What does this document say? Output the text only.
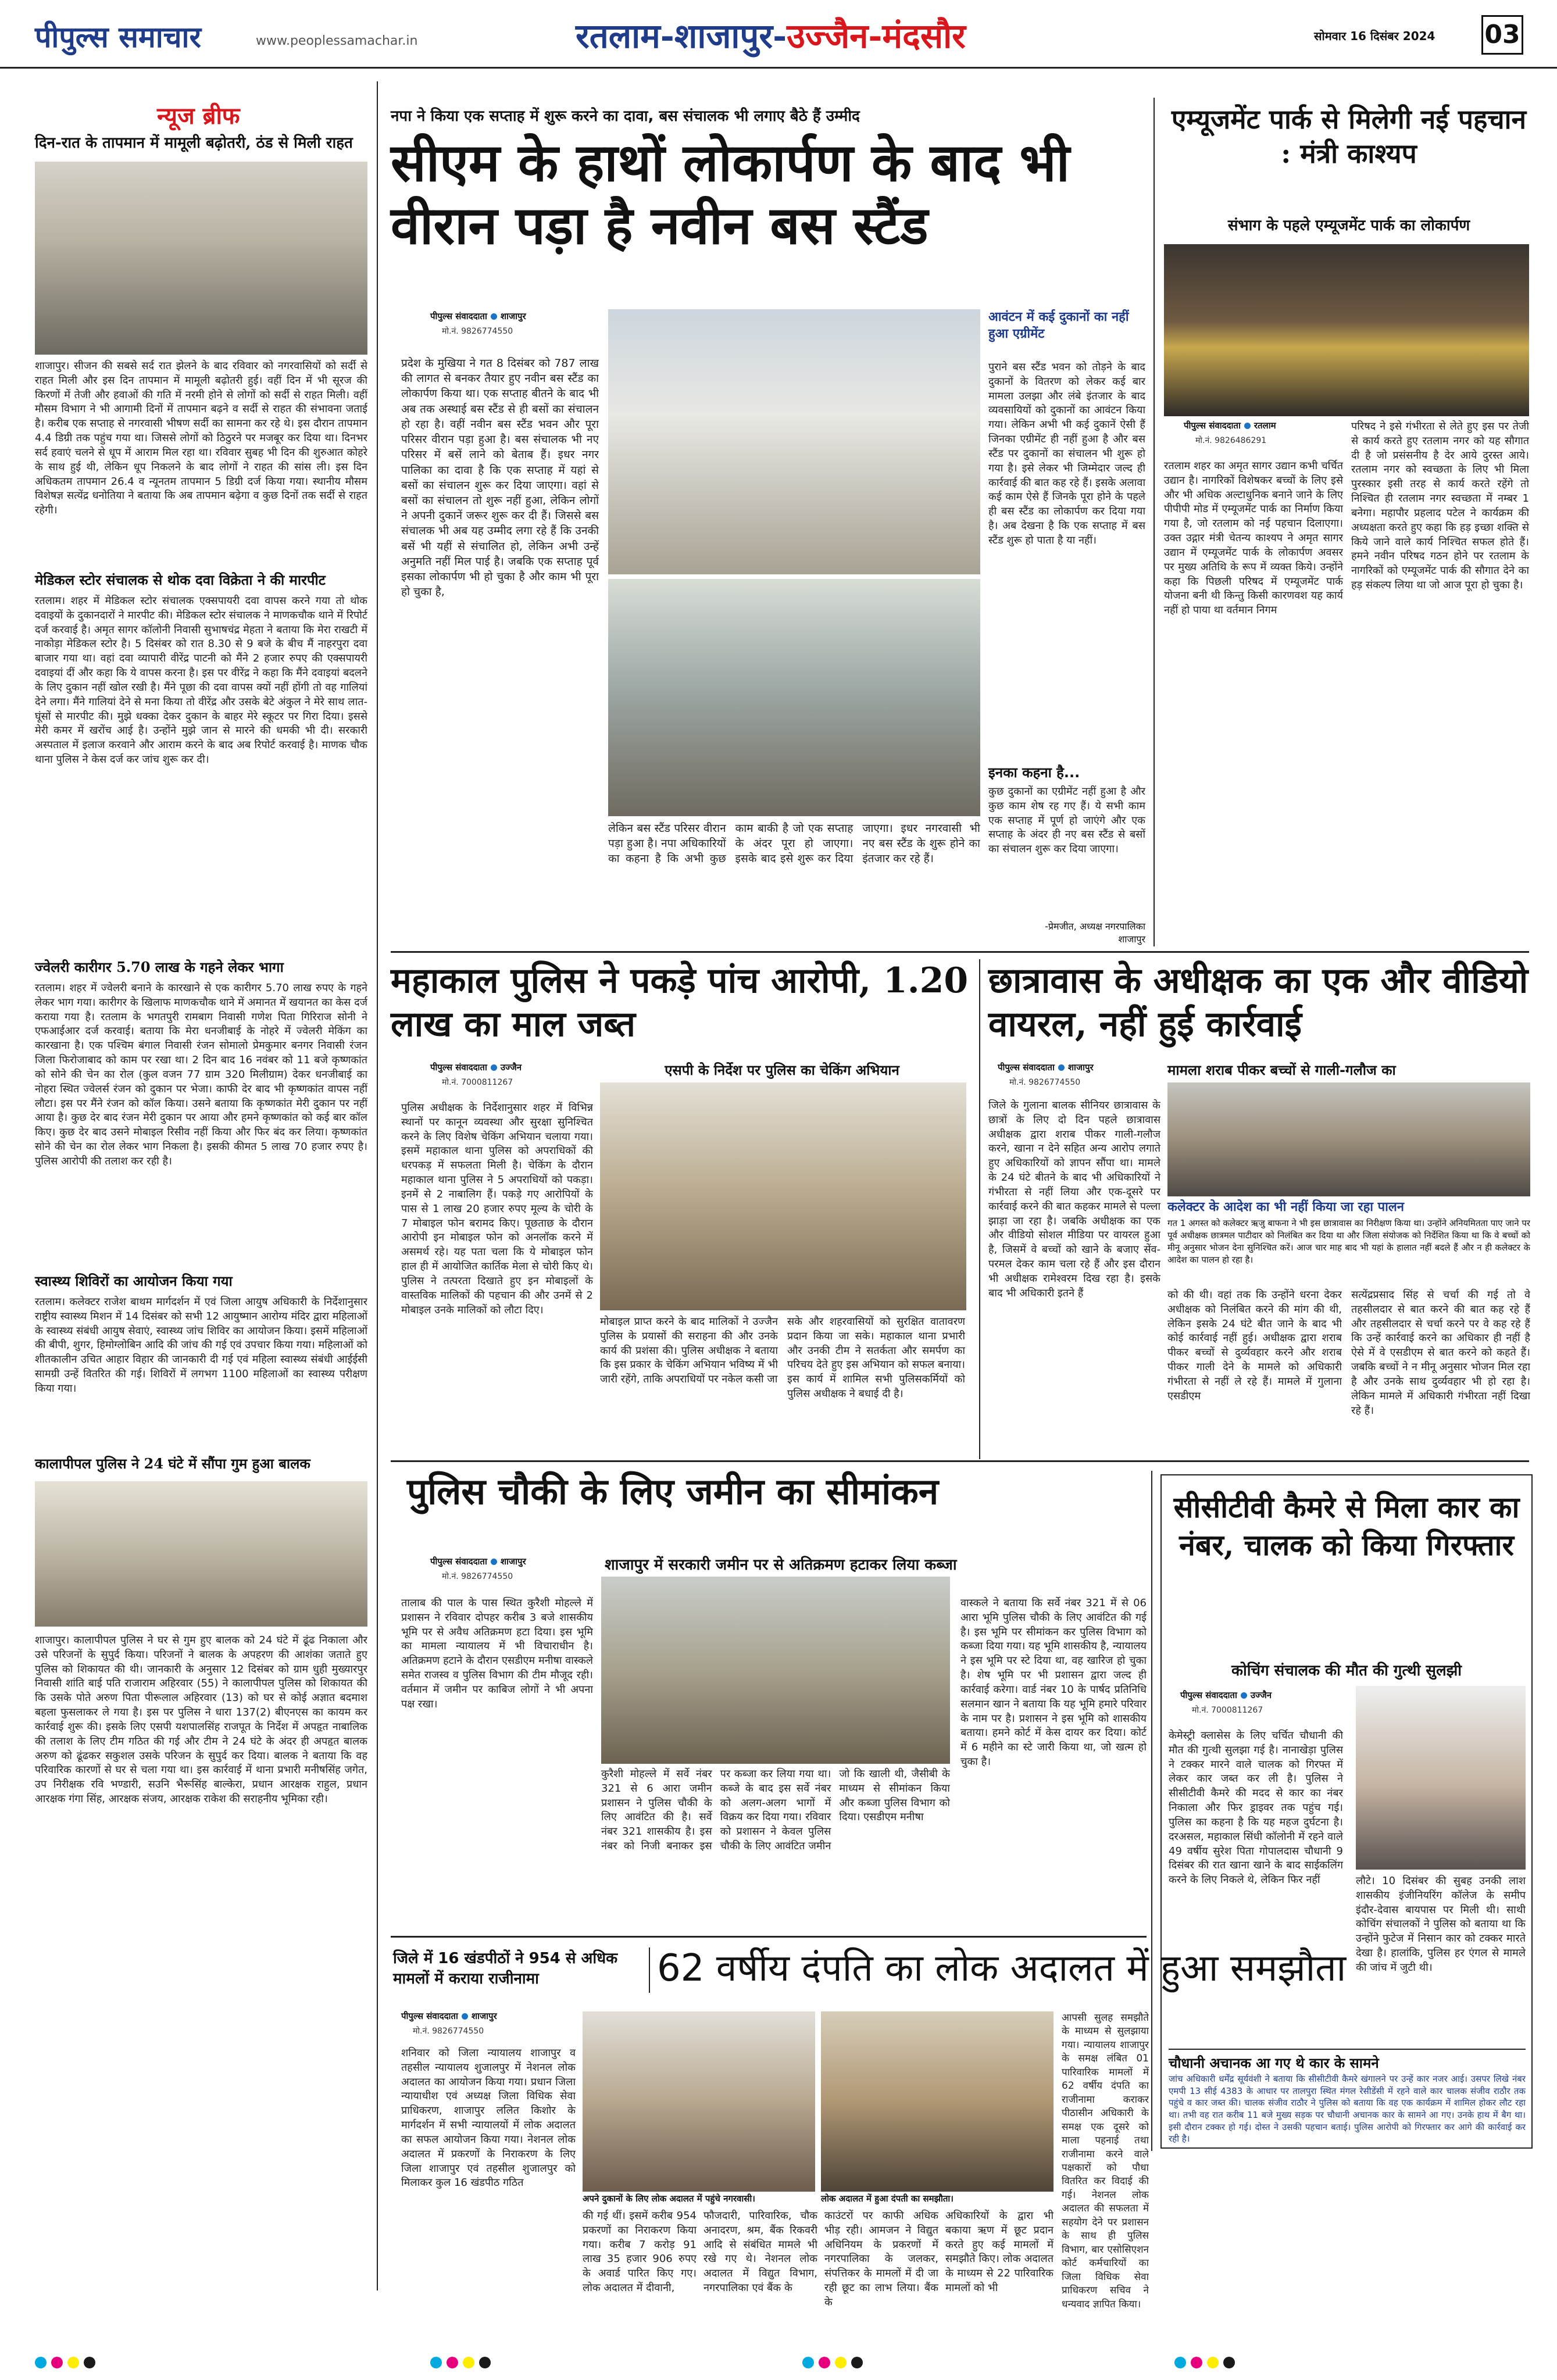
पीपुल्स समाचार	www.peoplessamachar.in	रतलाम-शाजापुर-उज्जैन-मंदसौर	सोमवार 16 दिसंबर 2024 03
न्यूज ब्रीफ
दिन-रात के तापमान में मामूली बढ़ोतरी, ठंड से मिली राहत
शाजापुर। सीजन की सबसे सर्द रात झेलने के बाद रविवार को नगरवासियों को सर्दी से राहत मिली और इस दिन तापमान में मामूली बढ़ोतरी हुई। वहीं दिन में भी सूरज की किरणों में तेजी और हवाओं की गति में नरमी होने से लोगों को सर्दी से राहत मिली। वहीं मौसम विभाग ने भी आगामी दिनों में तापमान बढ़ने व सर्दी से राहत की संभावना जताई है। करीब एक सप्ताह से नगरवासी भीषण सर्दी का सामना कर रहे थे। इस दौरान तापमान 4.4 डिग्री तक पहुंच गया था। जिससे लोगों को ठिठुरने पर मजबूर कर दिया था। दिनभर सर्द हवाएं चलने से धूप में आराम मिल रहा था। रविवार सुबह भी दिन की शुरुआत कोहरे के साथ हुई थी, लेकिन धूप निकलने के बाद लोगों ने राहत की सांस ली। इस दिन अधिकतम तापमान 26.4 व न्यूनतम तापमान 5 डिग्री दर्ज किया गया। स्थानीय मौसम विशेषज्ञ सत्येंद्र धनोतिया ने बताया कि अब तापमान बढ़ेगा व कुछ दिनों तक सर्दी से राहत रहेगी।
मेडिकल स्टोर संचालक से थोक दवा विक्रेता ने की मारपीट
रतलाम। शहर में मेडिकल स्टोर संचालक एक्सपायरी दवा वापस करने गया तो थोक दवाइयों के दुकानदारों ने मारपीट की। मेडिकल स्टोर संचालक ने माणकचौक थाने में रिपोर्ट दर्ज करवाई है। अमृत सागर कॉलोनी निवासी सुभाषचंद्र मेहता ने बताया कि मेरा राखटी में नाकोड़ा मेडिकल स्टोर है। 5 दिसंबर को रात 8.30 से 9 बजे के बीच मैं नाहरपुरा दवा बाजार गया था। वहां दवा व्यापारी वीरेंद्र पाटनी को मैंने 2 हजार रुपए की एक्सपायरी दवाइयां दीं और कहा कि ये वापस करना है। इस पर वीरेंद्र ने कहा कि मैंने दवाइयां बदलने के लिए दुकान नहीं खोल रखी है। मैंने पूछा की दवा वापस क्यों नहीं होंगी तो वह गालियां देने लगा। मैंने गालियां देने से मना किया तो वीरेंद्र और उसके बेटे अंकुल ने मेरे साथ लात-घूंसों से मारपीट की। मुझे धक्का देकर दुकान के बाहर मेरे स्कूटर पर गिरा दिया। इससे मेरी कमर में खरोंच आई है। उन्होंने मुझे जान से मारने की धमकी भी दी। सरकारी अस्पताल में इलाज करवाने और आराम करने के बाद अब रिपोर्ट करवाई है। माणक चौक थाना पुलिस ने केस दर्ज कर जांच शुरू कर दी।
ज्वेलरी कारीगर 5.70 लाख के गहने लेकर भागा
रतलाम। शहर में ज्वेलरी बनाने के कारखाने से एक कारीगर 5.70 लाख रुपए के गहने लेकर भाग गया। कारीगर के खिलाफ माणकचौक थाने में अमानत में खयानत का केस दर्ज कराया गया है। रतलाम के भगतपुरी रामबाग निवासी गणेश पिता गिरिराज सोनी ने एफआईआर दर्ज करवाई। बताया कि मेरा धनजीबाई के नोहरे में ज्वेलरी मेकिंग का कारखाना है। एक पश्चिम बंगाल निवासी रंजन सोमालो प्रेमकुमार बनगर निवासी रंजन जिला फिरोजाबाद को काम पर रखा था। 2 दिन बाद 16 नवंबर को 11 बजे कृष्णकांत को सोने की चेन का रोल (कुल वजन 77 ग्राम 320 मिलीग्राम) देकर धनजीबाई का नोहरा स्थित ज्वेलर्स रंजन को दुकान पर भेजा। काफी देर बाद भी कृष्णकांत वापस नहीं लौटा। इस पर मैंने रंजन को कॉल किया। उसने बताया कि कृष्णकांत मेरी दुकान पर नहीं आया है। कुछ देर बाद रंजन मेरी दुकान पर आया और हमने कृष्णकांत को कई बार कॉल किए। कुछ देर बाद उसने मोबाइल रिसीव नहीं किया और फिर बंद कर लिया। कृष्णकांत सोने की चेन का रोल लेकर भाग निकला है। इसकी कीमत 5 लाख 70 हजार रुपए है। पुलिस आरोपी की तलाश कर रही है।
स्वास्थ्य शिविरों का आयोजन किया गया
रतलाम। कलेक्टर राजेश बाथम मार्गदर्शन में एवं जिला आयुष अधिकारी के निर्देशानुसार राष्ट्रीय स्वास्थ्य मिशन में 14 दिसंबर को सभी 12 आयुष्मान आरोग्य मंदिर द्वारा महिलाओं के स्वास्थ्य संबंधी आयुष सेवाएं, स्वास्थ्य जांच शिविर का आयोजन किया। इसमें महिलाओं की बीपी, शुगर, हिमोग्लोबिन आदि की जांच की गई एवं उपचार किया गया। महिलाओं को शीतकालीन उचित आहार विहार की जानकारी दी गई एवं महिला स्वास्थ्य संबंधी आईईसी सामग्री उन्हें वितरित की गई। शिविरों में लगभग 1100 महिलाओं का स्वास्थ्य परीक्षण किया गया।
कालापीपल पुलिस ने 24 घंटे में सौंपा गुम हुआ बालक
शाजापुर। कालापीपल पुलिस ने घर से गुम हुए बालक को 24 घंटे में ढूंढ निकाला और उसे परिजनों के सुपुर्द किया। परिजनों ने बालक के अपहरण की आशंका जताते हुए पुलिस को शिकायत की थी। जानकारी के अनुसार 12 दिसंबर को ग्राम धुही मुख्यारपुर निवासी शांति बाई पति राजाराम अहिरवार (55) ने कालापीपल पुलिस को शिकायत की कि उसके पोते अरुण पिता पीरूलाल अहिरवार (13) को घर से कोई अज्ञात बदमाश बहला फुसलाकर ले गया है। इस पर पुलिस ने धारा 137(2) बीएनएस का कायम कर कार्रवाई शुरू की। इसके लिए एसपी यशपालसिंह राजपूत के निर्देश में अपहृत नाबालिक की तलाश के लिए टीम गठित की गई और टीम ने 24 घंटे के अंदर ही अपहृत बालक अरुण को ढूंढकर सकुशल उसके परिजन के सुपुर्द कर दिया। बालक ने बताया कि वह परिवारिक कारणों से घर से चला गया था। इस कार्रवाई में थाना प्रभारी मनीषसिंह जगेत, उप निरीक्षक रवि भण्डारी, सउनि भैरूसिंह बाल्केरा, प्रधान आरक्षक राहुल, प्रधान आरक्षक गंगा सिंह, आरक्षक संजय, आरक्षक राकेश की सराहनीय भूमिका रही।
नपा ने किया एक सप्ताह में शुरू करने का दावा, बस संचालक भी लगाए बैठे हैं उम्मीद
सीएम के हाथों लोकार्पण के बाद भी वीरान पड़ा है नवीन बस स्टैंड
पीपुल्स संवाददाता शाजापुर
मो.नं. 9826774550
प्रदेश के मुखिया ने गत 8 दिसंबर को 787 लाख की लागत से बनकर तैयार हुए नवीन बस स्टैंड का लोकार्पण किया था। एक सप्ताह बीतने के बाद भी अब तक अस्थाई बस स्टैंड से ही बसों का संचालन हो रहा है। वहीं नवीन बस स्टैंड भवन और पूरा परिसर वीरान पड़ा हुआ है। बस संचालक भी नए परिसर में बसें लाने को बेताब हैं। इधर नगर पालिका का दावा है कि एक सप्ताह में यहां से बसों का संचालन शुरू कर दिया जाएगा। वहां से बसों का संचालन तो शुरू नहीं हुआ, लेकिन लोगों ने अपनी दुकानें जरूर शुरू कर दी हैं। जिससे बस संचालक भी अब यह उम्मीद लगा रहे हैं कि उनकी बसें भी यहीं से संचालित हो, लेकिन अभी उन्हें अनुमति नहीं मिल पाई है। जबकि एक सप्ताह पूर्व इसका लोकार्पण भी हो चुका है और काम भी पूरा हो चुका है,
लेकिन बस स्टैंड परिसर वीरान पड़ा हुआ है। नपा अधिकारियों का कहना है कि अभी कुछ काम बाकी है जो एक सप्ताह के अंदर पूरा हो जाएगा। इसके बाद इसे शुरू कर दिया जाएगा। इधर नगरवासी भी नए बस स्टैंड के शुरू होने का इंतजार कर रहे हैं।
आवंटन में कई दुकानों का नहीं हुआ एग्रीमेंट
पुराने बस स्टैंड भवन को तोड़ने के बाद दुकानों के वितरण को लेकर कई बार मामला उलझा और लंबे इंतजार के बाद व्यवसायियों को दुकानों का आवंटन किया गया। लेकिन अभी भी कई दुकानें ऐसी हैं जिनका एग्रीमेंट ही नहीं हुआ है और बस स्टैंड पर दुकानों का संचालन भी शुरू हो गया है। इसे लेकर भी जिम्मेदार जल्द ही कार्रवाई की बात कह रहे हैं। इसके अलावा कई काम ऐसे हैं जिनके पूरा होने के पहले ही बस स्टैंड का लोकार्पण कर दिया गया है। अब देखना है कि एक सप्ताह में बस स्टैंड शुरू हो पाता है या नहीं।
इनका कहना है...
कुछ दुकानों का एग्रीमेंट नहीं हुआ है और कुछ काम शेष रह गए हैं। ये सभी काम एक सप्ताह में पूर्ण हो जाएंगे और एक सप्ताह के अंदर ही नए बस स्टैंड से बसों का संचालन शुरू कर दिया जाएगा।
-प्रेमजीत, अध्यक्ष नगरपालिका शाजापुर
एम्यूजमेंट पार्क से मिलेगी नई पहचान : मंत्री काश्यप
संभाग के पहले एम्यूजमेंट पार्क का लोकार्पण
पीपुल्स संवाददाता रतलाम
मो.नं. 9826486291
रतलाम शहर का अमृत सागर उद्यान कभी चर्चित उद्यान है। नागरिकों विशेषकर बच्चों के लिए इसे और भी अधिक अल्टाधुनिक बनाने जाने के लिए पीपीपी मोड में एम्यूजमेंट पार्क का निर्माण किया गया है, जो रतलाम को नई पहचान दिलाएगा। उक्त उद्गार मंत्री चेतन्य काश्यप ने अमृत सागर उद्यान में एम्यूजमेंट पार्क के लोकार्पण अवसर पर मुख्य अतिथि के रूप में व्यक्त किये। उन्होंने कहा कि पिछली परिषद में एम्यूजमेंट पार्क योजना बनी थी किन्तु किसी कारणवश यह कार्य नहीं हो पाया था वर्तमान निगम
परिषद ने इसे गंभीरता से लेते हुए इस पर तेजी से कार्य करते हुए रतलाम नगर को यह सौगात दी है जो प्रसंसनीय है देर आये दुरस्त आये। रतलाम नगर को स्वच्छता के लिए भी मिला पुरस्कार इसी तरह से कार्य करते रहेंगे तो निश्चित ही रतलाम नगर स्वच्छता में नम्बर 1 बनेगा। महापौर प्रहलाद पटेल ने कार्यक्रम की अध्यक्षता करते हुए कहा कि हड़ इच्छा शक्ति से किये जाने वाले कार्य निश्चित सफल होते हैं। हमने नवीन परिषद गठन होने पर रतलाम के नागरिकों को एम्यूजमेंट पार्क की सौगात देने का हड़ संकल्प लिया था जो आज पूरा हो चुका है।
महाकाल पुलिस ने पकड़े पांच आरोपी, 1.20 लाख का माल जब्त
पीपुल्स संवाददाता उज्जैन
मो.नं. 7000811267
एसपी के निर्देश पर पुलिस का चेकिंग अभियान
पुलिस अधीक्षक के निर्देशानुसार शहर में विभिन्न स्थानों पर कानून व्यवस्था और सुरक्षा सुनिश्चित करने के लिए विशेष चेकिंग अभियान चलाया गया। इसमें महाकाल थाना पुलिस को अपराधिकों की धरपकड़ में सफलता मिली है। चेकिंग के दौरान महाकाल थाना पुलिस ने 5 अपराधियों को पकड़ा। इनमें से 2 नाबालिग हैं। पकड़े गए आरोपियों के पास से 1 लाख 20 हजार रुपए मूल्य के चोरी के 7 मोबाइल फोन बरामद किए। पूछताछ के दौरान आरोपी इन मोबाइल फोन को अनलॉक करने में असमर्थ रहे। यह पता चला कि ये मोबाइल फोन हाल ही में आयोजित कार्तिक मेला से चोरी किए थे। पुलिस ने तत्परता दिखाते हुए इन मोबाइलों के वास्तविक मालिकों की पहचान की और उनमें से 2 मोबाइल उनके मालिकों को लौटा दिए।
मोबाइल प्राप्त करने के बाद मालिकों ने उज्जैन पुलिस के प्रयासों की सराहना की और उनके कार्य की प्रशंसा की। पुलिस अधीक्षक ने बताया कि इस प्रकार के चेकिंग अभियान भविष्य में भी जारी रहेंगे, ताकि अपराधियों पर नकेल कसी जा
सके और शहरवासियों को सुरक्षित वातावरण प्रदान किया जा सके। महाकाल थाना प्रभारी और उनकी टीम ने सतर्कता और समर्पण का परिचय देते हुए इस अभियान को सफल बनाया। इस कार्य में शामिल सभी पुलिसकर्मियों को पुलिस अधीक्षक ने बधाई दी है।
छात्रावास के अधीक्षक का एक और वीडियो वायरल, नहीं हुई कार्रवाई
पीपुल्स संवाददाता शाजापुर
मो.नं. 9826774550
मामला शराब पीकर बच्चों से गाली-गलौज का
कलेक्टर के आदेश का भी नहीं किया जा रहा पालन
गत 1 अगस्त को कलेक्टर ऋजु बाफना ने भी इस छात्रावास का निरीक्षण किया था। उन्होंने अनियमितता पाए जाने पर पूर्व अधीक्षक छात्रमल पाटीदार को निलंबित कर दिया था और जिला संयोजक को निर्देशित किया था कि वे बच्चों को मीनू अनुसार भोजन देना सुनिश्चित करें। आज चार माह बाद भी यहां के हालात नहीं बदले हैं और न ही कलेक्टर के आदेश का पालन हो रहा है।
जिले के गुलाना बालक सीनियर छात्रावास के छात्रों के लिए दो दिन पहले छात्रावास अधीक्षक द्वारा शराब पीकर गाली-गलौज करने, खाना न देने सहित अन्य आरोप लगाते हुए अधिकारियों को ज्ञापन सौंपा था। मामले के 24 घंटे बीतने के बाद भी अधिकारियों ने गंभीरता से नहीं लिया और एक-दूसरे पर कार्रवाई करने की बात कहकर मामले से पल्ला झाड़ा जा रहा है। जबकि अधीक्षक का एक और वीडियो सोशल मीडिया पर वायरल हुआ है, जिसमें वे बच्चों को खाने के बजाए सेंव-परमल देकर काम चला रहे हैं और इस दौरान भी अधीक्षक रामेश्वरम दिख रहा है। इसके बाद भी अधिकारी इतने हैं	को की थी। वहां तक कि उन्होंने धरना देकर अधीक्षक को निलंबित करने की मांग की थी, लेकिन इसके 24 घंटे बीत जाने के बाद भी कोई कार्रवाई नहीं हुई। अधीक्षक द्वारा शराब पीकर बच्चों से दुर्व्यवहार करने और शराब पीकर गाली देने के मामले को अधिकारी गंभीरता से नहीं ले रहे हैं। मामले में गुलाना एसडीएम
सत्येंद्रप्रसाद सिंह से चर्चा की गई तो वे तहसीलदार से बात करने की बात कह रहे हैं और तहसीलदार से चर्चा करने पर वे कह रहे हैं कि उन्हें कार्रवाई करने का अधिकार ही नहीं है ऐसे में वे एसडीएम से बात करने को कहते हैं। जबकि बच्चों ने न मीनू अनुसार भोजन मिल रहा है और उनके साथ दुर्व्यवहार भी हो रहा है। लेकिन मामले में अधिकारी गंभीरता नहीं दिखा रहे हैं।
पुलिस चौकी के लिए जमीन का सीमांकन
पीपुल्स संवाददाता शाजापुर
मो.नं. 9826774550
शाजापुर में सरकारी जमीन पर से अतिक्रमण हटाकर लिया कब्जा
तालाब की पाल के पास स्थित कुरैशी मोहल्ले में प्रशासन ने रविवार दोपहर करीब 3 बजे शासकीय भूमि पर से अवैध अतिक्रमण हटा दिया। इस भूमि का मामला न्यायालय में भी विचाराधीन है। अतिक्रमण हटाने के दौरान एसडीएम मनीषा वास्कले समेत राजस्व व पुलिस विभाग की टीम मौजूद रही। वर्तमान में जमीन पर काबिज लोगों ने भी अपना पक्ष रखा।
कुरैशी मोहल्ले में सर्वे नंबर 321 से 6 आरा जमीन प्रशासन ने पुलिस चौकी के लिए आवंटित की है। सर्वे नंबर 321 शासकीय है। इस नंबर को निजी बनाकर इस पर कब्जा कर लिया गया था। कब्जे के बाद इस सर्वे नंबर को अलग-अलग भागों में विक्रय कर दिया गया। रविवार को प्रशासन ने केवल पुलिस चौकी के लिए आवंटित जमीन जो कि खाली थी, जैसीबी के माध्यम से सीमांकन किया और कब्जा पुलिस विभाग को दिया। एसडीएम मनीषा
वास्कले ने बताया कि सर्वे नंबर 321 में से 06 आरा भूमि पुलिस चौकी के लिए आवंटित की गई है। इस भूमि पर सीमांकन कर पुलिस विभाग को कब्जा दिया गया। यह भूमि शासकीय है, न्यायालय ने इस भूमि पर स्टे दिया था, वह खारिज हो चुका है। शेष भूमि पर भी प्रशासन द्वारा जल्द ही कार्रवाई करेगा। वार्ड नंबर 10 के पार्षद प्रतिनिधि सलमान खान ने बताया कि यह भूमि हमारे परिवार के नाम पर है। प्रशासन ने इस भूमि को शासकीय बताया। हमने कोर्ट में केस दायर कर दिया। कोर्ट में 6 महीने का स्टे जारी किया था, जो खत्म हो चुका है।
सीसीटीवी कैमरे से मिला कार का नंबर, चालक को किया गिरफ्तार
कोचिंग संचालक की मौत की गुत्थी सुलझी
पीपुल्स संवाददाता उज्जैन
मो.नं. 7000811267
केमेस्ट्री क्लासेस के लिए चर्चित चौधानी की मौत की गुत्थी सुलझा गई है। नानाखेड़ा पुलिस ने टक्कर मारने वाले चालक को गिरफ्त में लेकर कार जब्त कर ली है। पुलिस ने सीसीटीवी कैमरे की मदद से कार का नंबर निकाला और फिर ड्राइवर तक पहुंच गई। पुलिस का कहना है कि यह महज दुर्घटना है। दरअसल, महाकाल सिंधी कॉलोनी में रहने वाले 49 वर्षीय सुरेश पिता गोपालदास चौधानी 9 दिसंबर की रात खाना खाने के बाद साईकलिंग करने के लिए निकले थे, लेकिन फिर नहीं	लौटे। 10 दिसंबर की सुबह उनकी लाश शासकीय इंजीनियरिंग कॉलेज के समीप इंदौर-देवास बायपास पर मिली थी। साथी कोचिंग संचालकों ने पुलिस को बताया था कि उन्होंने फुटेज में निसान कार को टक्कर मारते देखा है। हालांकि, पुलिस हर एंगल से मामले की जांच में जुटी थी।
चौधानी अचानक आ गए थे कार के सामने
जांच अधिकारी धर्मेंद्र सूर्यवंशी ने बताया कि सीसीटीवी कैमरे खंगालने पर उन्हें कार नजर आई। उसपर लिखे नंबर एमपी 13 सीई 4383 के आधार पर तालपुरा स्थित मंगल रेसीडेंसी में रहने वाले कार चालक संजीव राठौर तक पहुंचे व कार जब्त की। चालक संजीव राठौर ने पुलिस को बताया कि वह एक कार्यक्रम में शामिल होकर लौट रहा था। तभी वह रात करीब 11 बजे मुख्य सड़क पर चौधानी अचानक कार के सामने आ गए। उनके हाथ में बैग था। इसी दौरान टक्कर हो गई। दोस्त ने उसकी पहचान बताई। पुलिस आरोपी को गिरफ्तार कर आगे की कार्रवाई कर रही है।
जिले में 16 खंडपीठों ने 954 से अधिक मामलों में कराया राजीनामा	62 वर्षीय दंपति का लोक अदालत में हुआ समझौता
पीपुल्स संवाददाता शाजापुर
मो.नं. 9826774550
शनिवार को जिला न्यायालय शाजापुर व तहसील न्यायालय शुजालपुर में नेशनल लोक अदालत का आयोजन किया गया। प्रधान जिला न्यायाधीश एवं अध्यक्ष जिला विधिक सेवा प्राधिकरण, शाजापुर ललित किशोर के मार्गदर्शन में सभी न्यायालयों में लोक अदालत का सफल आयोजन किया गया। नेशनल लोक अदालत में प्रकरणों के निराकरण के लिए जिला शाजापुर एवं तहसील शुजालपुर को मिलाकर कुल 16 खंडपीठ गठित
अपने दुकानों के लिए लोक अदालत में पहुंचे नगरवासी।	लोक अदालत में हुआ दंपती का समझौता।
की गई थीं। इसमें करीब 954 प्रकरणों का निराकरण किया गया। करीब 7 करोड़ 91 लाख 35 हजार 906 रुपए के अवार्ड पारित किए गए। लोक अदालत में दीवानी,
फौजदारी, पारिवारिक, चौक अनादरण, श्रम, बैंक रिकवरी आदि से संबंधित मामले भी रखे गए थे। नेशनल लोक अदालत में विद्युत विभाग, नगरपालिका एवं बैंक के
काउंटरों पर काफी अधिक भीड़ रही। आमजन ने विद्युत अधिनियम के प्रकरणों में नगरपालिका के जलकर, संपत्तिकर के मामलों में दी जा रही छूट का लाभ लिया। बैंक के
अधिकारियों के द्वारा भी बकाया ऋण में छूट प्रदान करते हुए कई मामलों में समझौते किए। लोक अदालत के माध्यम से 22 पारिवारिक मामलों को भी
आपसी सुलह समझौते के माध्यम से सुलझाया गया। न्यायालय शाजापुर के समक्ष लंबित 01 पारिवारिक मामलों में 62 वर्षीय दंपति का राजीनामा कराकर पीठासीन अधिकारी के समक्ष एक दूसरे को माला पहनाई तथा राजीनामा करने वाले पक्षकारों को पौधा वितरित कर विदाई की गई। नेशनल लोक अदालत की सफलता में सहयोग देने पर प्रशासन के साथ ही पुलिस विभाग, बार एसोसिएशन कोर्ट कर्मचारियों का जिला विधिक सेवा प्राधिकरण सचिव ने धन्यवाद ज्ञापित किया।
